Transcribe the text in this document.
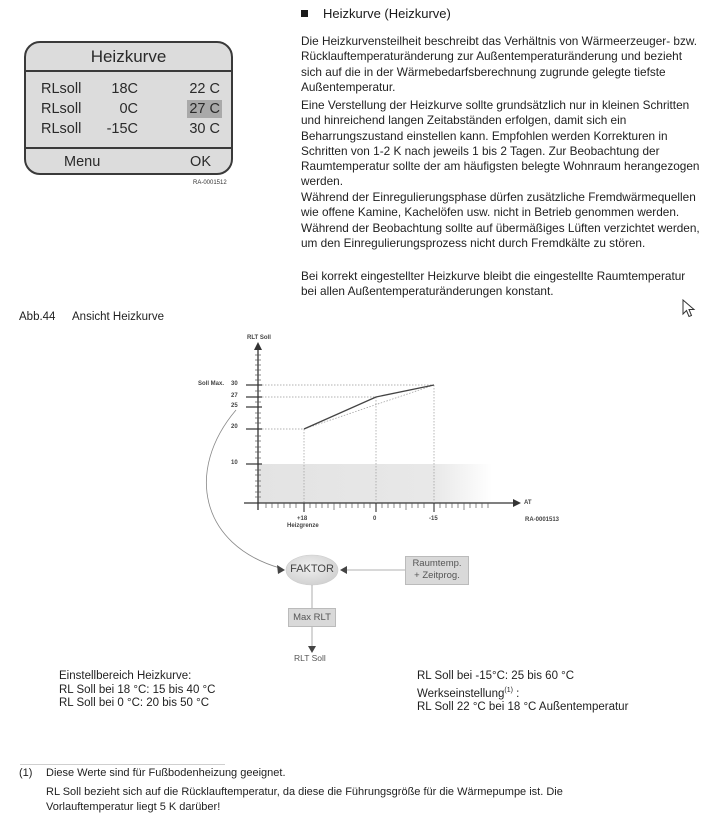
Heizkurve
RLsoll	18C	22 C
RLsoll	0C	27 C
RLsoll -15C	30 C
Menu	OK
RA-0001512
Heizkurve (Heizkurve)
Die Heizkurvensteilheit beschreibt das Verhältnis von Wärmeerzeuger- bzw. Rücklauftemperaturänderung zur Außentemperaturänderung und bezieht sich auf die in der Wärmebedarfsberechnung zugrunde gelegte tiefste Außentemperatur.
Eine Verstellung der Heizkurve sollte grundsätzlich nur in kleinen Schritten und hinreichend langen Zeitabständen erfolgen, damit sich ein Beharrungszustand einstellen kann. Empfohlen werden Korrekturen in Schritten von 1-2 K nach jeweils 1 bis 2 Tagen. Zur Beobachtung der Raumtemperatur sollte der am häufigsten belegte Wohnraum herangezogen werden.
Während der Einregulierungsphase dürfen zusätzliche Fremdwärmequellen wie offene Kamine, Kachelöfen usw. nicht in Betrieb genommen werden. Während der Beobachtung sollte auf übermäßiges Lüften verzichtet werden, um den Einregulierungsprozess nicht durch Fremdkälte zu stören.
Bei korrekt eingestellter Heizkurve bleibt die eingestellte Raumtemperatur bei allen Außentemperaturänderungen konstant.
Abb.44 Ansicht Heizkurve
RLT Soll
Soll Max. 30
27
25
20
10
AT
+18	0	-15
Heizgrenze
RA-0001513
FAKTOR	Raumtemp.
+ Zeitprog.
Max RLT
RLT Soll
Einstellbereich Heizkurve:
RL Soll bei 18 °C: 15 bis 40 °C
RL Soll bei 0 °C: 20 bis 50 °C
RL Soll bei -15°C: 25 bis 60 °C
Werkseinstellung$^{(1)}$ :
RL Soll 22 °C bei 18 °C Außentemperatur
(1) Diese Werte sind für Fußbodenheizung geeignet.
RL Soll bezieht sich auf die Rücklauftemperatur, da diese die Führungsgröße für die Wärmepumpe ist. Die
Vorlauftemperatur liegt 5 K darüber!
